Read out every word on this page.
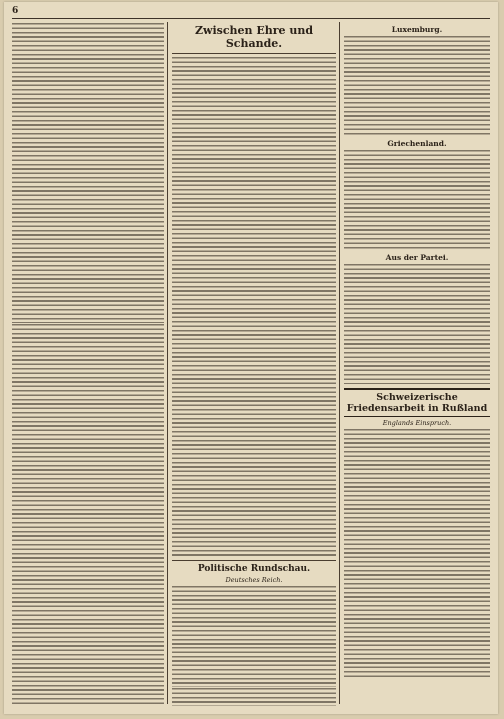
6
Zwischen Ehre und Schande.
Politische Rundschau.
Deutsches Reich.
Luxemburg.
Griechenland.
Aus der Partei.
Schweizerische Friedensarbeit in Rußland
Englands Einspruch.
